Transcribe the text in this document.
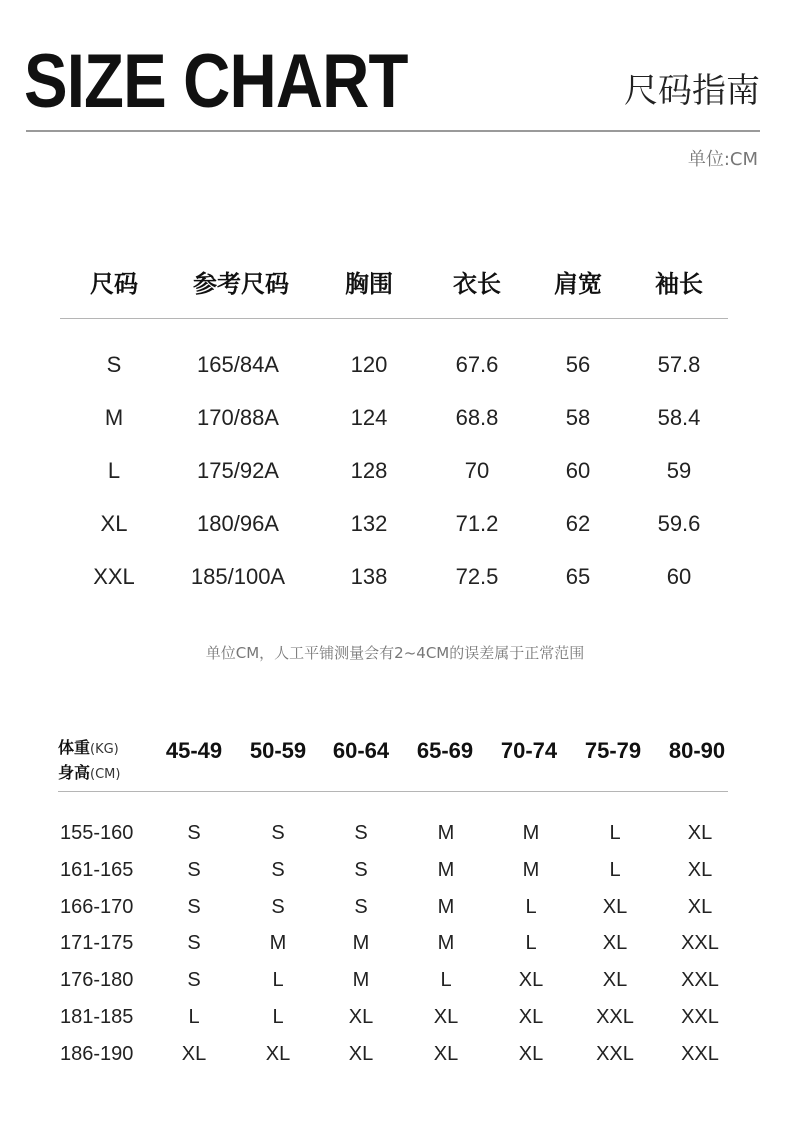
SIZE CHART	尺码指南
单位:CM
尺码 参考尺码 胸围	衣长 肩宽 袖长
S	165/84A	120	67.6	56	57.8
M	170/88A	124	68.8	58	58.4
L	175/92A	128	70	60	59
XL	180/96A	132	71.2	62	59.6
XXL	185/100A	138	72.5	65	60
单位CM，人工平铺测量会有2~4CM的误差属于正常范围
体重(KG)
身高(CM)
45-49 50-59 60-64 65-69 70-74 75-79 80-90
155-160	S	S	S	M	M	L	XL
161-165	S	S	S	M	M	L	XL
166-170	S	S	S	M	L	XL	XL
171-175	S	M	M	M	L	XL	XXL
176-180	S	L	M	L	XL	XL	XXL
181-185	L	L	XL	XL	XL	XXL XXL
186-190 XL	XL	XL	XL	XL	XXL XXL
